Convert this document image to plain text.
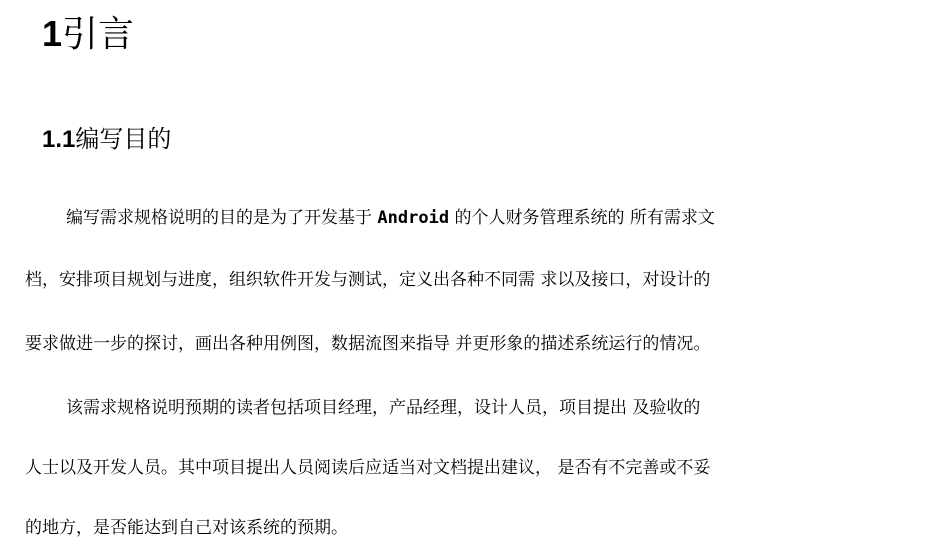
1引言
1.1编写目的

编写需求规格说明的目的是为了开发基于 Android 的个人财务管理系统的 所有需求文

档，安排项目规划与进度，组织软件开发与测试，定义出各种不同需 求以及接口，对设计的

要求做进一步的探讨，画出各种用例图，数据流图来指导 并更形象的描述系统运行的情况。

该需求规格说明预期的读者包括项目经理，产品经理，设计人员，项目提出 及验收的

人士以及开发人员。其中项目提出人员阅读后应适当对文档提出建议， 是否有不完善或不妥

的地方，是否能达到自己对该系统的预期。
